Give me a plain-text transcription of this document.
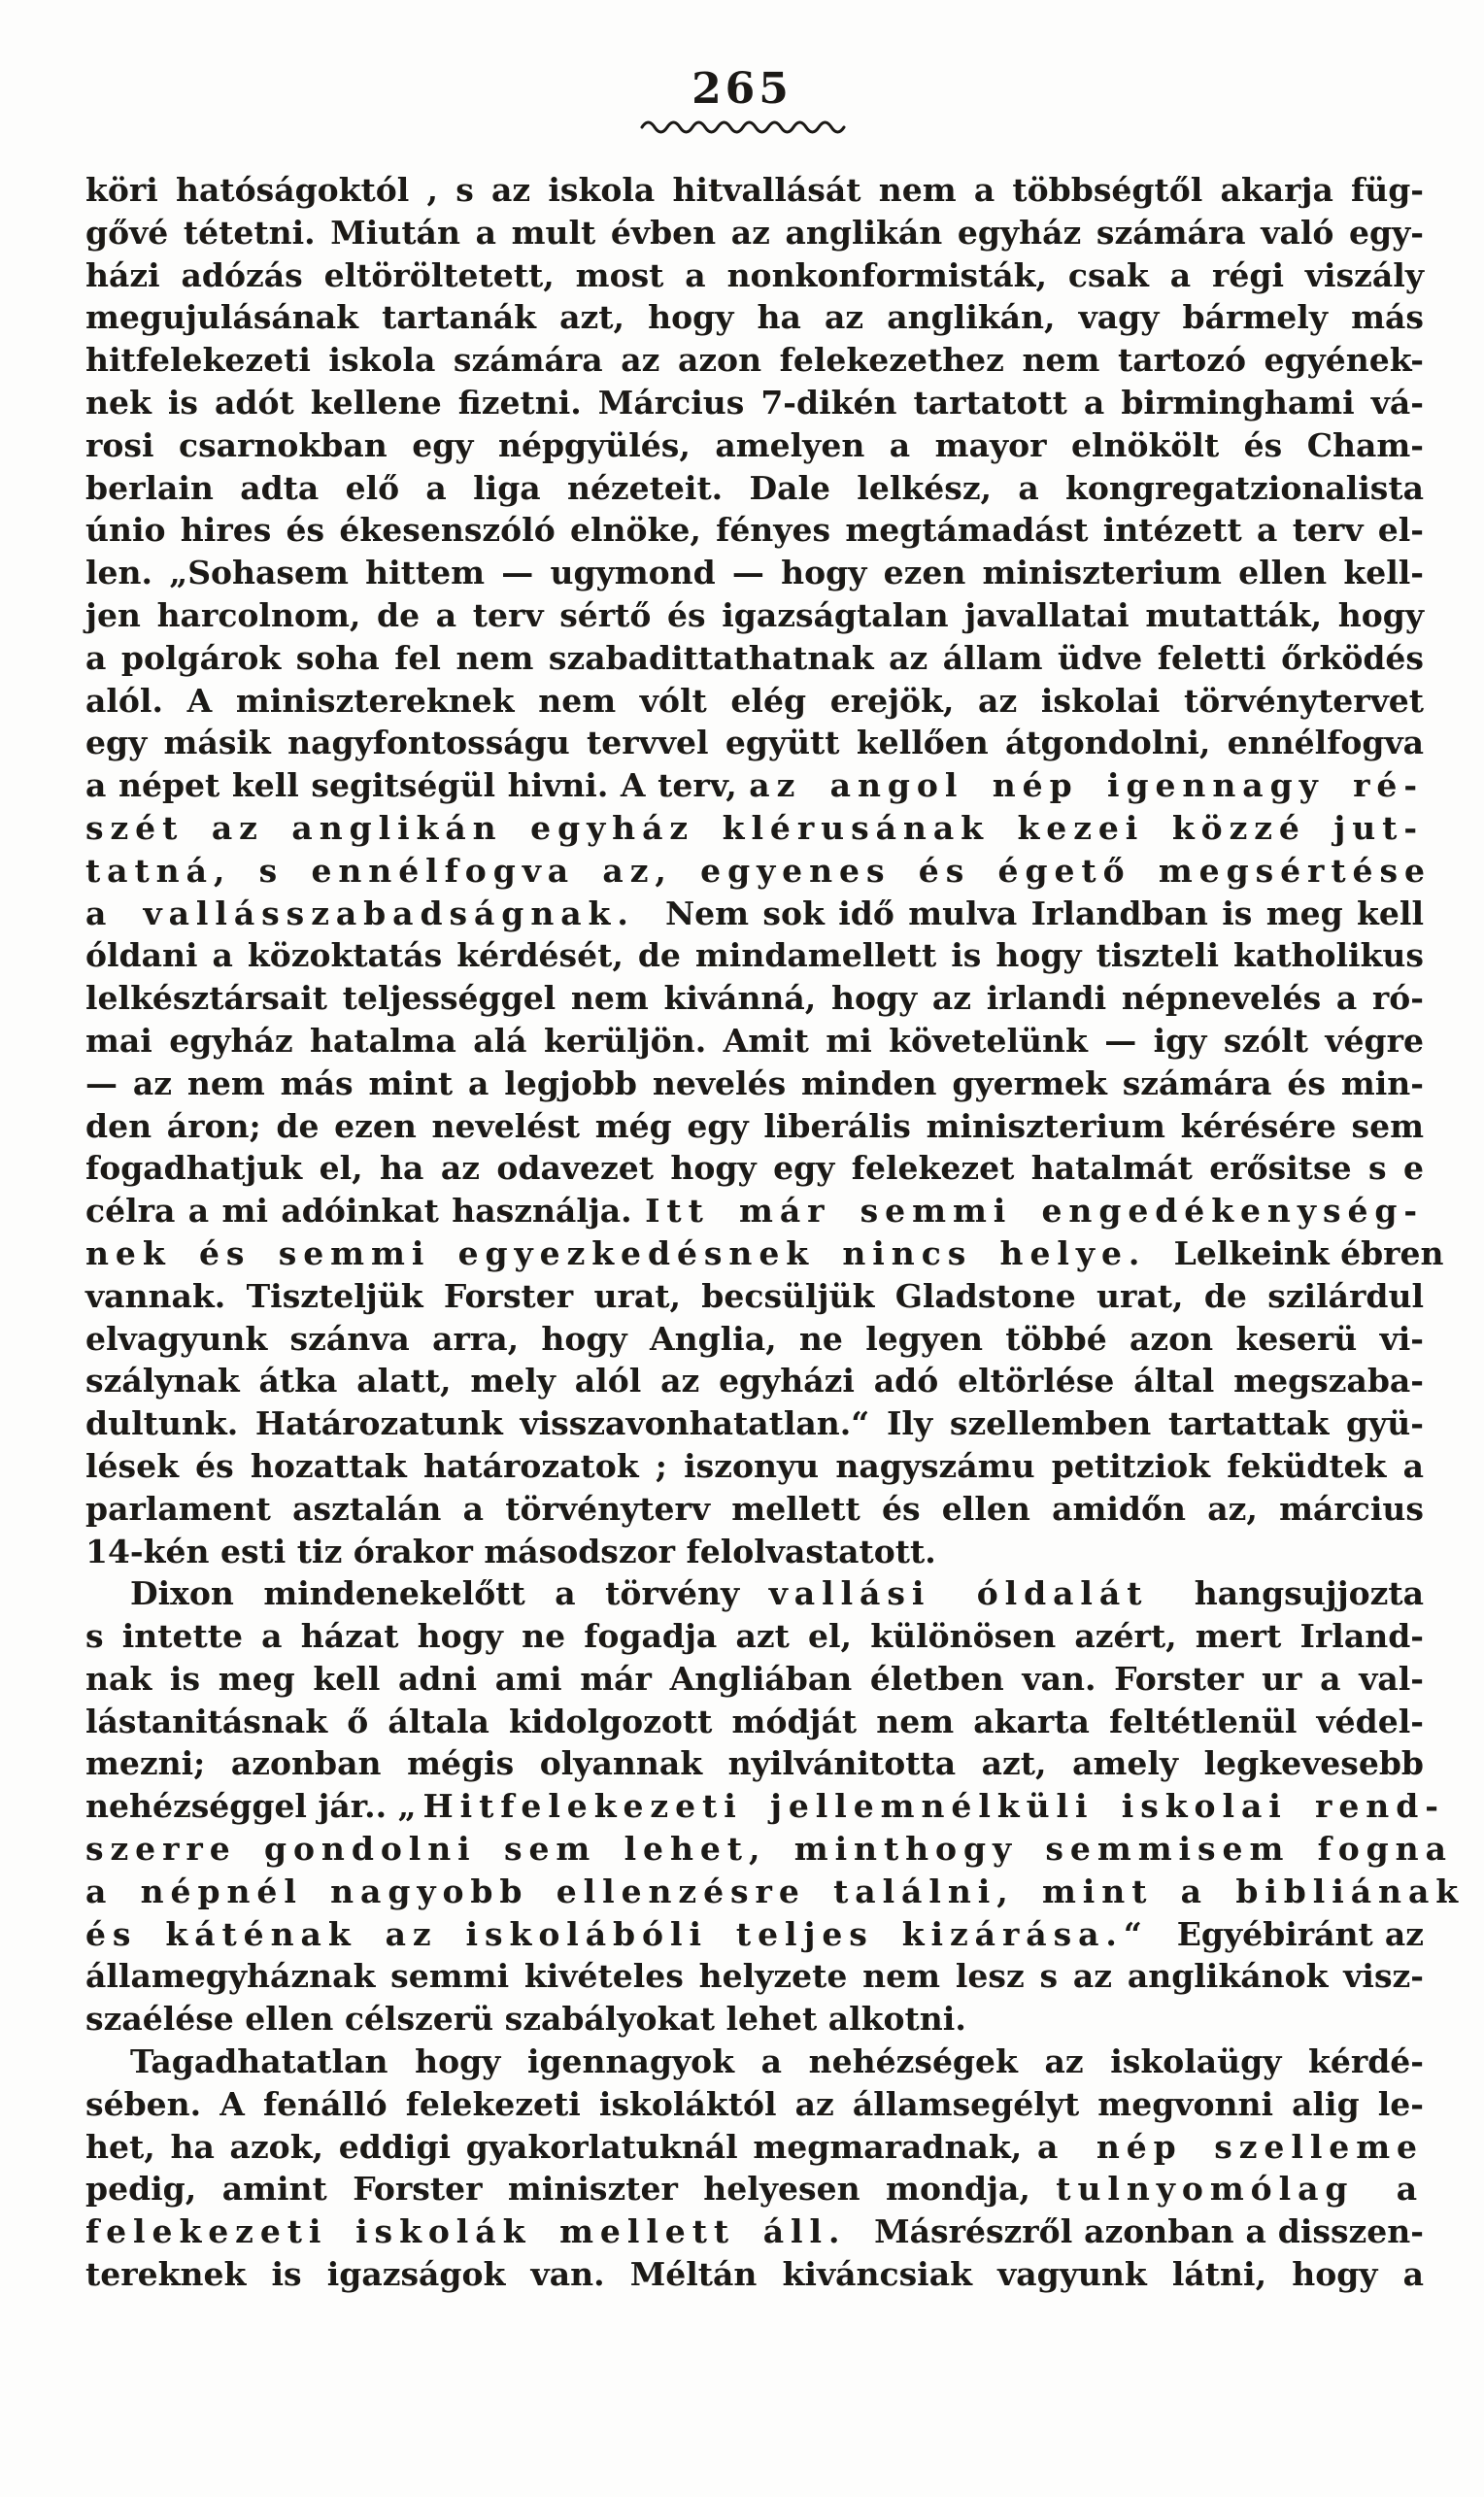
265
köri hatóságoktól , s az iskola hitvallását nem a többségtől akarja füg-
gővé tétetni. Miután a mult évben az anglikán egyház számára való egy-
házi adózás eltöröltetett, most a nonkonformisták, csak a régi viszály
megujulásának tartanák azt, hogy ha az anglikán, vagy bármely más
hitfelekezeti iskola számára az azon felekezethez nem tartozó egyének-
nek is adót kellene fizetni. Március 7-dikén tartatott a birminghami vá-
rosi csarnokban egy népgyülés, amelyen a mayor elnökölt és Cham-
berlain adta elő a liga nézeteit. Dale lelkész, a kongregatzionalista
únio hires és ékesenszóló elnöke, fényes megtámadást intézett a terv el-
len. „Sohasem hittem — ugymond — hogy ezen miniszterium ellen kell-
jen harcolnom, de a terv sértő és igazságtalan javallatai mutatták, hogy
a polgárok soha fel nem szabadittathatnak az állam üdve feletti őrködés
alól. A minisztereknek nem vólt elég erejök, az iskolai törvénytervet
egy másik nagyfontosságu tervvel együtt kellően átgondolni, ennélfogva
a népet kell segitségül hivni. A terv, az angol nép igennagy ré-
szét az anglikán egyház klérusának kezei közzé jut-
tatná, s ennélfogva az, egyenes és égető megsértése
a vallásszabadságnak. Nem sok idő mulva Irlandban is meg kell
óldani a közoktatás kérdését, de mindamellett is hogy tiszteli katholikus
lelkésztársait teljességgel nem kivánná, hogy az irlandi népnevelés a ró-
mai egyház hatalma alá kerüljön. Amit mi követelünk — igy szólt végre
— az nem más mint a legjobb nevelés minden gyermek számára és min-
den áron; de ezen nevelést még egy liberális miniszterium kérésére sem
fogadhatjuk el, ha az odavezet hogy egy felekezet hatalmát erősitse s e
célra a mi adóinkat használja. Itt már semmi engedékenység-
nek és semmi egyezkedésnek nincs helye. Lelkeink ébren
vannak. Tiszteljük Forster urat, becsüljük Gladstone urat, de szilárdul
elvagyunk szánva arra, hogy Anglia, ne legyen többé azon keserü vi-
szálynak átka alatt, mely alól az egyházi adó eltörlése által megszaba-
dultunk. Határozatunk visszavonhatatlan.“ Ily szellemben tartattak gyü-
lések és hozattak határozatok ; iszonyu nagyszámu petitziok feküdtek a
parlament asztalán a törvényterv mellett és ellen amidőn az, március
14-kén esti tiz órakor másodszor felolvastatott.
Dixon mindenekelőtt a törvény vallási óldalát hangsujjozta
s intette a házat hogy ne fogadja azt el, különösen azért, mert Irland-
nak is meg kell adni ami már Angliában életben van. Forster ur a val-
lástanitásnak ő általa kidolgozott módját nem akarta feltétlenül védel-
mezni; azonban mégis olyannak nyilvánitotta azt, amely legkevesebb
nehézséggel jár.. „Hitfelekezeti jellemnélküli iskolai rend-
szerre gondolni sem lehet, minthogy semmisem fogna
a népnél nagyobb ellenzésre találni, mint a bibliának
és káténak az iskolábóli teljes kizárása.“ Egyébiránt az
államegyháznak semmi kivételes helyzete nem lesz s az anglikánok visz-
szaélése ellen célszerü szabályokat lehet alkotni.
Tagadhatatlan hogy igennagyok a nehézségek az iskolaügy kérdé-
sében. A fenálló felekezeti iskoláktól az államsegélyt megvonni alig le-
het, ha azok, eddigi gyakorlatuknál megmaradnak, a nép szelleme
pedig, amint Forster miniszter helyesen mondja, tulnyomólag a
felekezeti iskolák mellett áll. Másrészről azonban a disszen-
tereknek is igazságok van. Méltán kiváncsiak vagyunk látni, hogy a
